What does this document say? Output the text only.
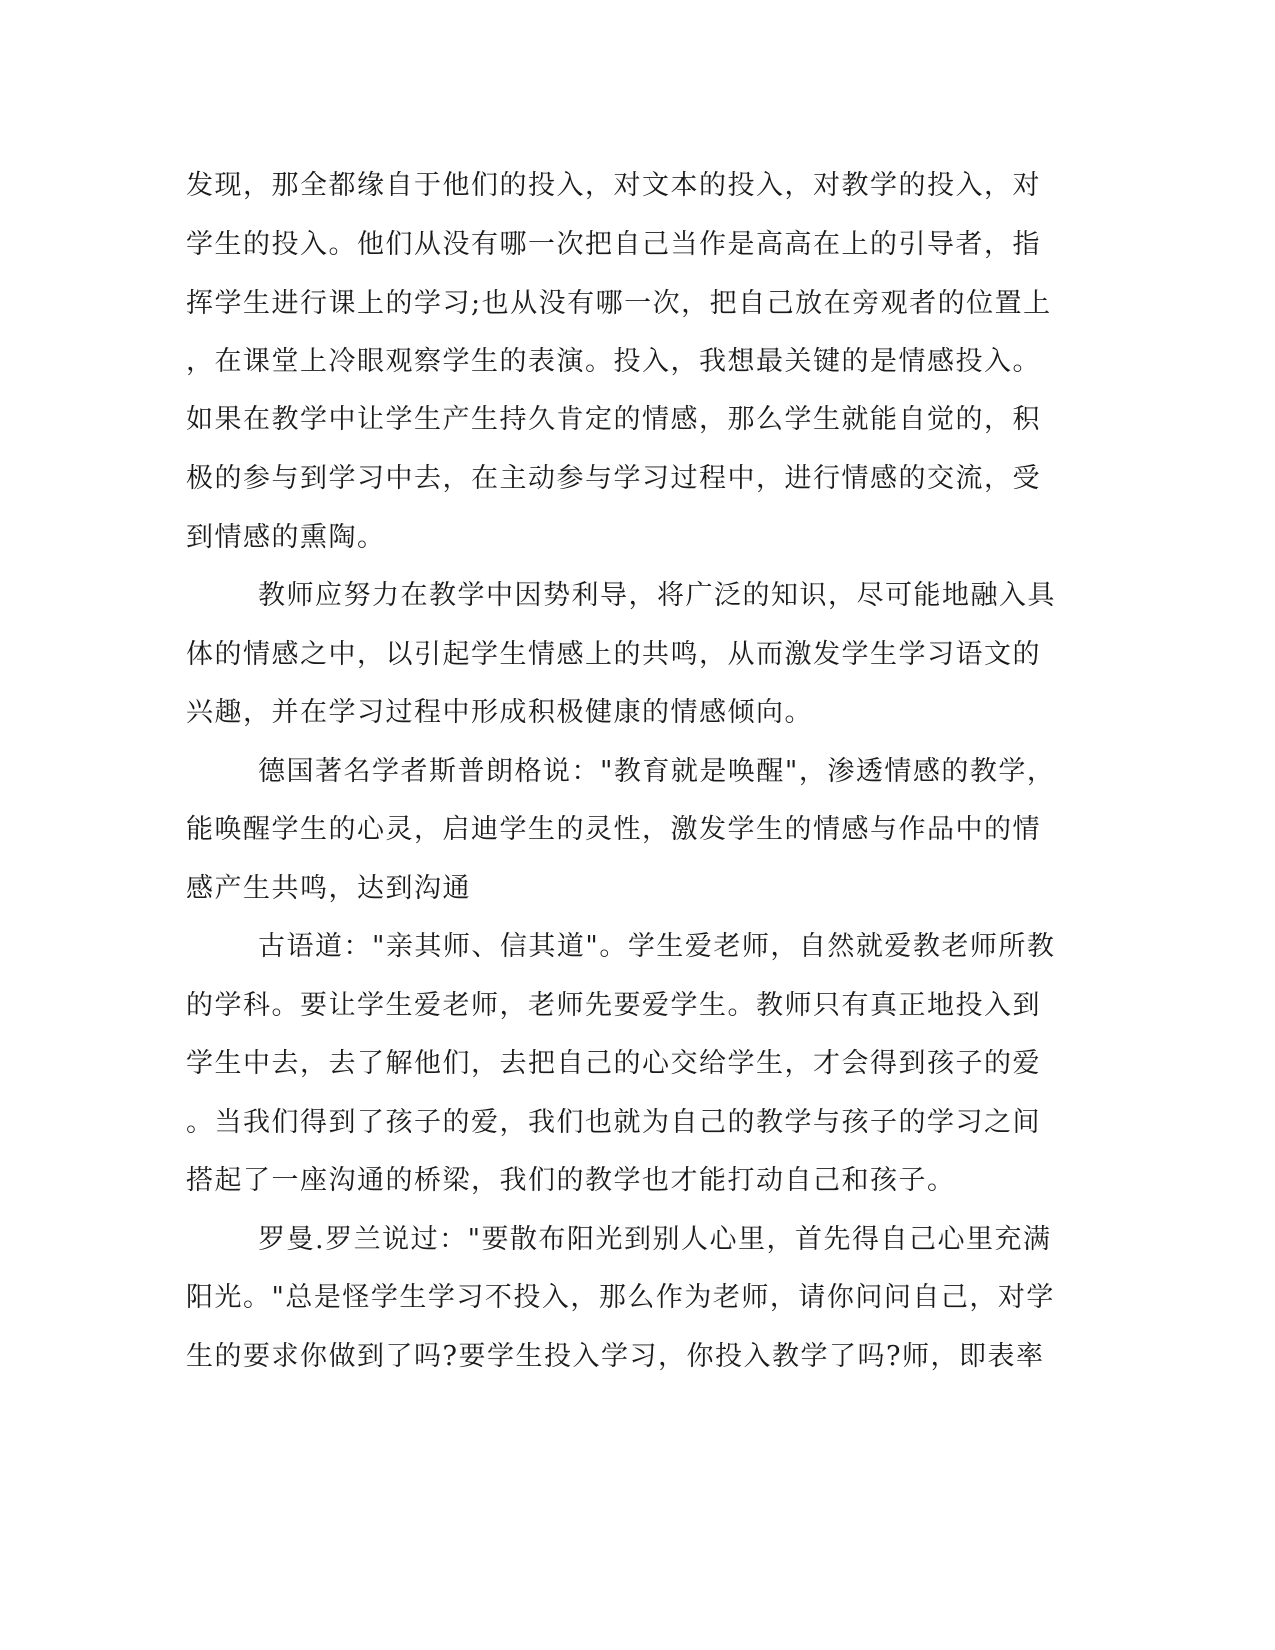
发现，那全都缘自于他们的投入，对文本的投入，对教学的投入，对
学生的投入。他们从没有哪一次把自己当作是高高在上的引导者，指
挥学生进行课上的学习;也从没有哪一次，把自己放在旁观者的位置上
，在课堂上冷眼观察学生的表演。投入，我想最关键的是情感投入。
如果在教学中让学生产生持久肯定的情感，那么学生就能自觉的，积
极的参与到学习中去，在主动参与学习过程中，进行情感的交流，受
到情感的熏陶。
教师应努力在教学中因势利导，将广泛的知识，尽可能地融入具
体的情感之中，以引起学生情感上的共鸣，从而激发学生学习语文的
兴趣，并在学习过程中形成积极健康的情感倾向。
德国著名学者斯普朗格说："教育就是唤醒"，渗透情感的教学，
能唤醒学生的心灵，启迪学生的灵性，激发学生的情感与作品中的情
感产生共鸣，达到沟通
古语道："亲其师、信其道"。学生爱老师，自然就爱教老师所教
的学科。要让学生爱老师，老师先要爱学生。教师只有真正地投入到
学生中去，去了解他们，去把自己的心交给学生，才会得到孩子的爱
。当我们得到了孩子的爱，我们也就为自己的教学与孩子的学习之间
搭起了一座沟通的桥梁，我们的教学也才能打动自己和孩子。
罗曼.罗兰说过："要散布阳光到别人心里，首先得自己心里充满
阳光。"总是怪学生学习不投入，那么作为老师，请你问问自己，对学
生的要求你做到了吗?要学生投入学习，你投入教学了吗?师，即表率
